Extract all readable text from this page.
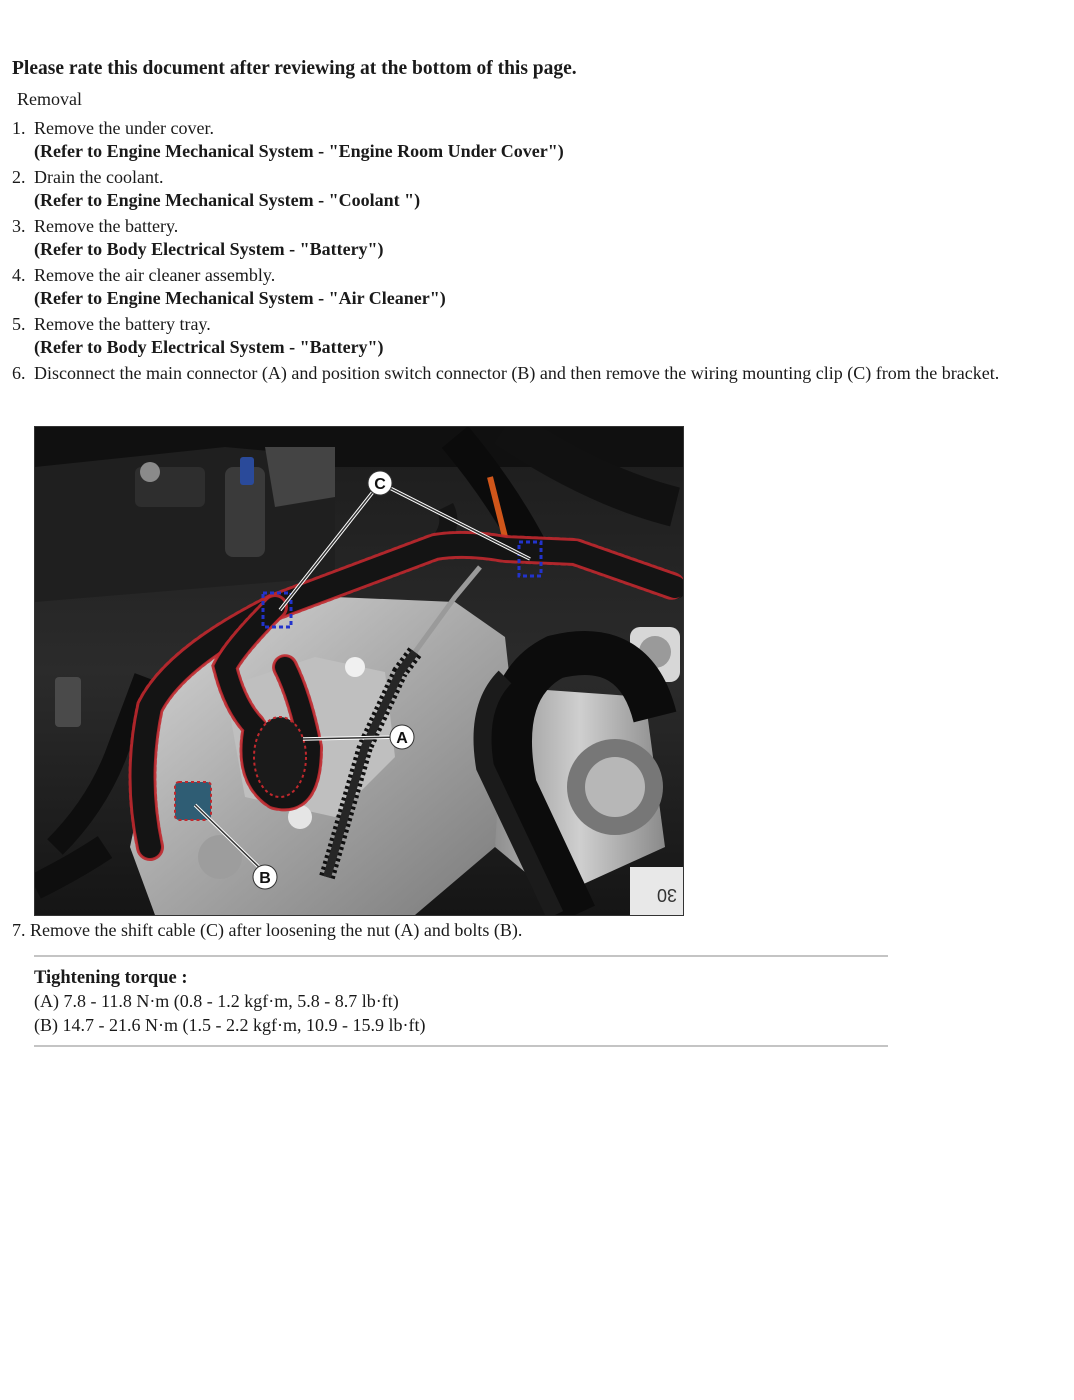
Please rate this document after reviewing at the bottom of this page.
Removal
1. Remove the under cover.
(Refer to Engine Mechanical System - "Engine Room Under Cover")
2. Drain the coolant.
(Refer to Engine Mechanical System - "Coolant ")
3. Remove the battery.
(Refer to Body Electrical System - "Battery")
4. Remove the air cleaner assembly.
(Refer to Engine Mechanical System - "Air Cleaner")
5. Remove the battery tray.
(Refer to Body Electrical System - "Battery")
6. Disconnect the main connector (A) and position switch connector (B) and then remove the wiring mounting clip (C) from the bracket.
C
A
B
30
7. Remove the shift cable (C) after loosening the nut (A) and bolts (B).
Tightening torque :
(A) 7.8 - 11.8 N·m (0.8 - 1.2 kgf·m, 5.8 - 8.7 lb·ft)
(B) 14.7 - 21.6 N·m (1.5 - 2.2 kgf·m, 10.9 - 15.9 lb·ft)
